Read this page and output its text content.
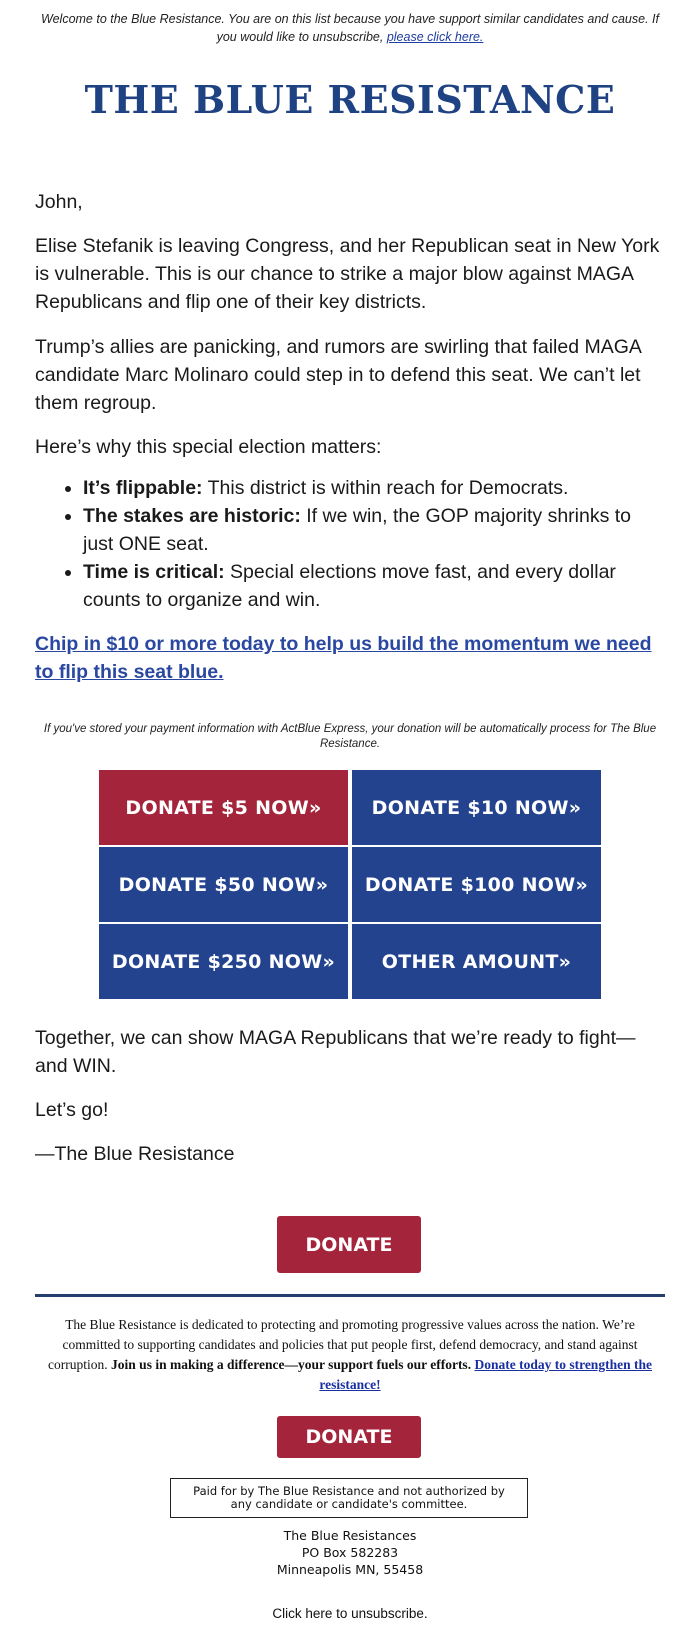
Welcome to the Blue Resistance. You are on this list because you have support similar candidates and cause. If you would like to unsubscribe, please click here.
THE BLUE RESISTANCE

John,

Elise Stefanik is leaving Congress, and her Republican seat in New York is vulnerable. This is our chance to strike a major blow against MAGA Republicans and flip one of their key districts.

Trump’s allies are panicking, and rumors are swirling that failed MAGA candidate Marc Molinaro could step in to defend this seat. We can’t let them regroup.

Here’s why this special election matters:

• It’s flippable: This district is within reach for Democrats.
• The stakes are historic: If we win, the GOP majority shrinks to just ONE seat.
• Time is critical: Special elections move fast, and every dollar counts to organize and win.
Chip in $10 or more today to help us build the momentum we need to flip this seat blue.
If you've stored your payment information with ActBlue Express, your donation will be automatically process for The Blue Resistance.
DONATE $5 NOW»	DONATE $10 NOW»
DONATE $50 NOW»	DONATE $100 NOW»
DONATE $250 NOW»	OTHER AMOUNT»

Together, we can show MAGA Republicans that we’re ready to fight—and WIN.

Let’s go!

—The Blue Resistance

DONATE
The Blue Resistance is dedicated to protecting and promoting progressive values across the nation. We’re committed to supporting candidates and policies that put people first, defend democracy, and stand against corruption. Join us in making a difference—your support fuels our efforts. Donate today to strengthen the resistance!
DONATE
Paid for by The Blue Resistance and not authorized by any candidate or candidate's committee.
The Blue Resistances
PO Box 582283
Minneapolis MN, 55458
Click here to unsubscribe.
